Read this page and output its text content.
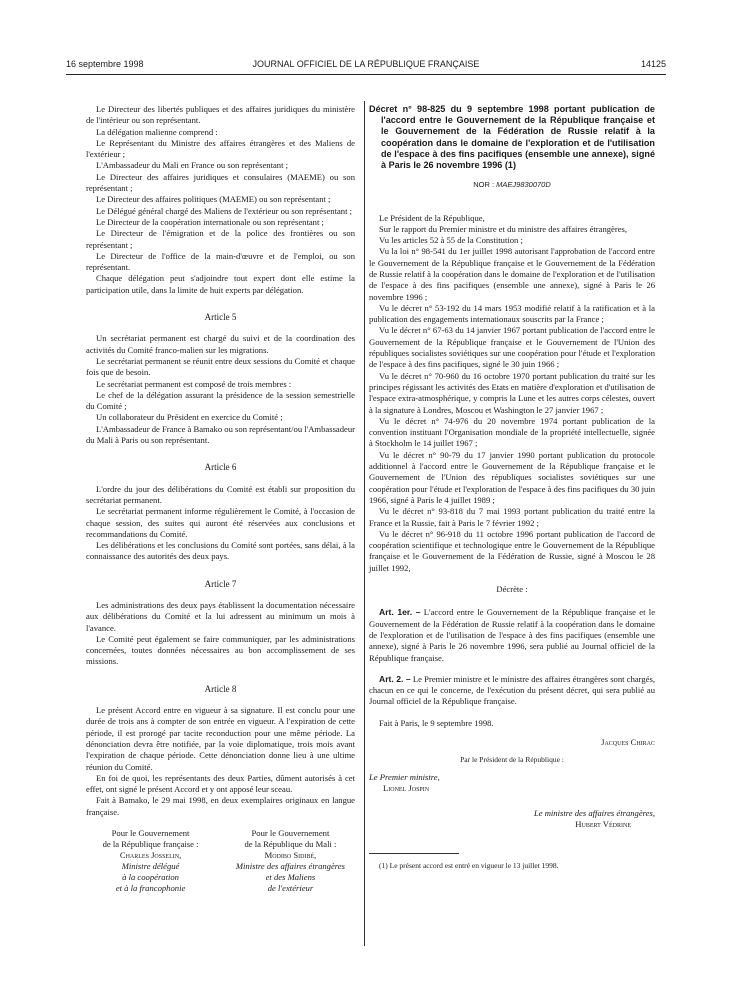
16 septembre 1998	JOURNAL OFFICIEL DE LA RÉPUBLIQUE FRANÇAISE	14125

Le Directeur des libertés publiques et des affaires juridiques du ministère de l'intérieur ou son représentant.

La délégation malienne comprend :

Le Représentant du Ministre des affaires étrangères et des Maliens de l'extérieur ;

L'Ambassadeur du Mali en France ou son représentant ;

Le Directeur des affaires juridiques et consulaires (MAEME) ou son représentant ;

Le Directeur des affaires politiques (MAEME) ou son représentant ;

Le Délégué général chargé des Maliens de l'extérieur ou son représentant ;

Le Directeur de la coopération internationale ou son représentant ;

Le Directeur de l'émigration et de la police des frontières ou son représentant ;

Le Directeur de l'office de la main-d'œuvre et de l'emploi, ou son représentant.

Chaque délégation peut s'adjoindre tout expert dont elle estime la participation utile, dans la limite de huit experts par délégation.

Article 5

Un secrétariat permanent est chargé du suivi et de la coordination des activités du Comité franco-malien sur les migrations.

Le secrétariat permanent se réunit entre deux sessions du Comité et chaque fois que de besoin.

Le secrétariat permanent est composé de trois membres :

Le chef de la délégation assurant la présidence de la session semestrielle du Comité ;

Un collaborateur du Président en exercice du Comité ;

L'Ambassadeur de France à Bamako ou son représentant/ou l'Ambassadeur du Mali à Paris ou son représentant.

Article 6

L'ordre du jour des délibérations du Comité est établi sur proposition du secrétariat permanent.

Le secrétariat permanent informe régulièrement le Comité, à l'occasion de chaque session, des suites qui auront été réservées aux conclusions et recommandations du Comité.

Les délibérations et les conclusions du Comité sont portées, sans délai, à la connaissance des autorités des deux pays.

Article 7

Les administrations des deux pays établissent la documentation nécessaire aux délibérations du Comité et la lui adressent au minimum un mois à l'avance.

Le Comité peut également se faire communiquer, par les administrations concernées, toutes données nécessaires au bon accomplissement de ses missions.

Article 8

Le présent Accord entre en vigueur à sa signature. Il est conclu pour une durée de trois ans à compter de son entrée en vigueur. A l'expiration de cette période, il est prorogé par tacite reconduction pour une même période. La dénonciation devra être notifiée, par la voie diplomatique, trois mois avant l'expiration de chaque période. Cette dénonciation donne lieu à une ultime réunion du Comité.

En foi de quoi, les représentants des deux Parties, dûment autorisés à cet effet, ont signé le présent Accord et y ont apposé leur sceau.

Fait à Bamako, le 29 mai 1998, en deux exemplaires originaux en langue française.

Pour le Gouvernement
de la République française :
Charles Josselin,
Ministre délégué
à la coopération
et à la francophonie
Pour le Gouvernement
de la République du Mali :
Modibo Sidibé,
Ministre des affaires étrangères
et des Maliens
de l'extérieur
Décret n° 98-825 du 9 septembre 1998 portant publication de l'accord entre le Gouvernement de la République française et le Gouvernement de la Fédération de Russie relatif à la coopération dans le domaine de l'exploration et de l'utilisation de l'espace à des fins pacifiques (ensemble une annexe), signé à Paris le 26 novembre 1996 (1)
NOR : MAEJ9830070D

Le Président de la République,

Sur le rapport du Premier ministre et du ministre des affaires étrangères,

Vu les articles 52 à 55 de la Constitution ;

Vu la loi n° 98-541 du 1er juillet 1998 autorisant l'approbation de l'accord entre le Gouvernement de la République française et le Gouvernement de la Fédération de Russie relatif à la coopération dans le domaine de l'exploration et de l'utilisation de l'espace à des fins pacifiques (ensemble une annexe), signé à Paris le 26 novembre 1996 ;

Vu le décret n° 53-192 du 14 mars 1953 modifié relatif à la ratification et à la publication des engagements internationaux souscrits par la France ;

Vu le décret n° 67-63 du 14 janvier 1967 portant publication de l'accord entre le Gouvernement de la République française et le Gouvernement de l'Union des républiques socialistes soviétiques sur une coopération pour l'étude et l'exploration de l'espace à des fins pacifiques, signé le 30 juin 1966 ;

Vu le décret n° 70-960 du 16 octobre 1970 portant publication du traité sur les principes régissant les activités des Etats en matière d'exploration et d'utilisation de l'espace extra-atmosphérique, y compris la Lune et les autres corps célestes, ouvert à la signature à Londres, Moscou et Washington le 27 janvier 1967 ;

Vu le décret n° 74-976 du 20 novembre 1974 portant publication de la convention instituant l'Organisation mondiale de la propriété intellectuelle, signée à Stockholm le 14 juillet 1967 ;

Vu le décret n° 90-79 du 17 janvier 1990 portant publication du protocole additionnel à l'accord entre le Gouvernement de la République française et le Gouvernement de l'Union des républiques socialistes soviétiques sur une coopération pour l'étude et l'exploration de l'espace à des fins pacifiques du 30 juin 1966, signé à Paris le 4 juillet 1989 ;

Vu le décret n° 93-818 du 7 mai 1993 portant publication du traité entre la France et la Russie, fait à Paris le 7 février 1992 ;

Vu le décret n° 96-918 du 11 octobre 1996 portant publication de l'accord de coopération scientifique et technologique entre le Gouvernement de la République française et le Gouvernement de la Fédération de Russie, signé à Moscou le 28 juillet 1992,

Décrète :

Art. 1er. – L'accord entre le Gouvernement de la République française et le Gouvernement de la Fédération de Russie relatif à la coopération dans le domaine de l'exploration et de l'utilisation de l'espace à des fins pacifiques (ensemble une annexe), signé à Paris le 26 novembre 1996, sera publié au Journal officiel de la République française.

Art. 2. – Le Premier ministre et le ministre des affaires étrangères sont chargés, chacun en ce qui le concerne, de l'exécution du présent décret, qui sera publié au Journal officiel de la République française.

Fait à Paris, le 9 septembre 1998.

Jacques Chirac
Par le Président de la République :
Le Premier ministre,
Lionel Jospin
Le ministre des affaires étrangères,
Hubert Védrine

(1) Le présent accord est entré en vigueur le 13 juillet 1998.
